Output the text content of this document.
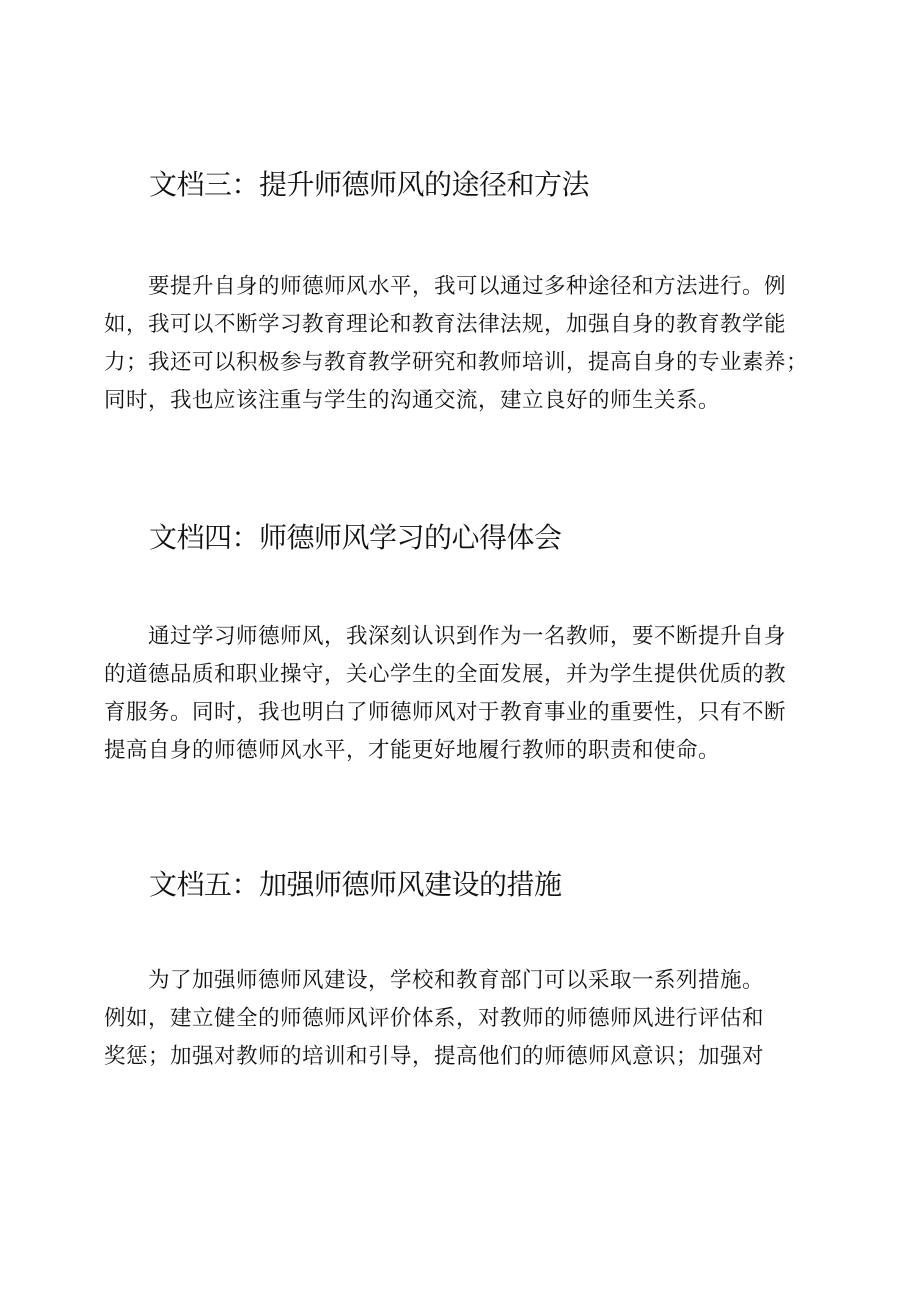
文档三：提升师德师风的途径和方法
要提升自身的师德师风水平，我可以通过多种途径和方法进行。例
如，我可以不断学习教育理论和教育法律法规，加强自身的教育教学能
力；我还可以积极参与教育教学研究和教师培训，提高自身的专业素养；
同时，我也应该注重与学生的沟通交流，建立良好的师生关系。
文档四：师德师风学习的心得体会
通过学习师德师风，我深刻认识到作为一名教师，要不断提升自身
的道德品质和职业操守，关心学生的全面发展，并为学生提供优质的教
育服务。同时，我也明白了师德师风对于教育事业的重要性，只有不断
提高自身的师德师风水平，才能更好地履行教师的职责和使命。
文档五：加强师德师风建设的措施
为了加强师德师风建设，学校和教育部门可以采取一系列措施。
例如，建立健全的师德师风评价体系，对教师的师德师风进行评估和
奖惩；加强对教师的培训和引导，提高他们的师德师风意识；加强对
